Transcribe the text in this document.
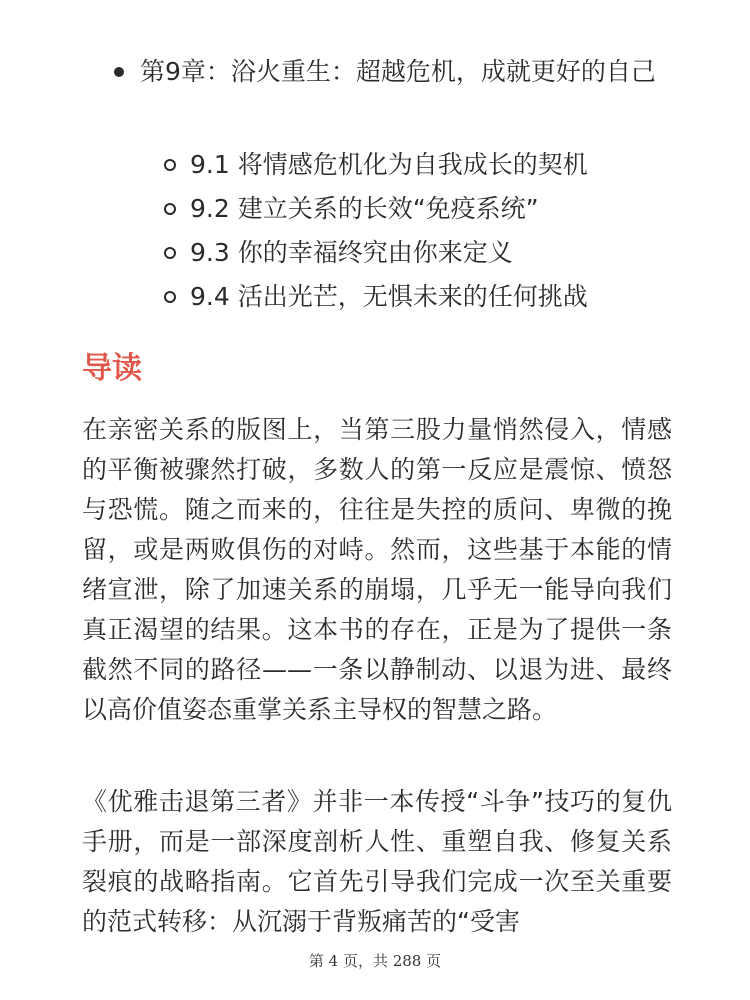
第9章：浴火重生：超越危机，成就更好的自己
9.1 将情感危机化为自我成长的契机
9.2 建立关系的长效“免疫系统”
9.3 你的幸福终究由你来定义
9.4 活出光芒，无惧未来的任何挑战
导读

在亲密关系的版图上，当第三股力量悄然侵入，情感的平衡被骤然打破，多数人的第一反应是震惊、愤怒与恐慌。随之而来的，往往是失控的质问、卑微的挽留，或是两败俱伤的对峙。然而，这些基于本能的情绪宣泄，除了加速关系的崩塌，几乎无一能导向我们真正渴望的结果。这本书的存在，正是为了提供一条截然不同的路径——一条以静制动、以退为进、最终以高价值姿态重掌关系主导权的智慧之路。

《优雅击退第三者》并非一本传授“斗争”技巧的复仇手册，而是一部深度剖析人性、重塑自我、修复关系裂痕的战略指南。它首先引导我们完成一次至关重要的范式转移：从沉溺于背叛痛苦的“受害

第 4 页，共 288 页
